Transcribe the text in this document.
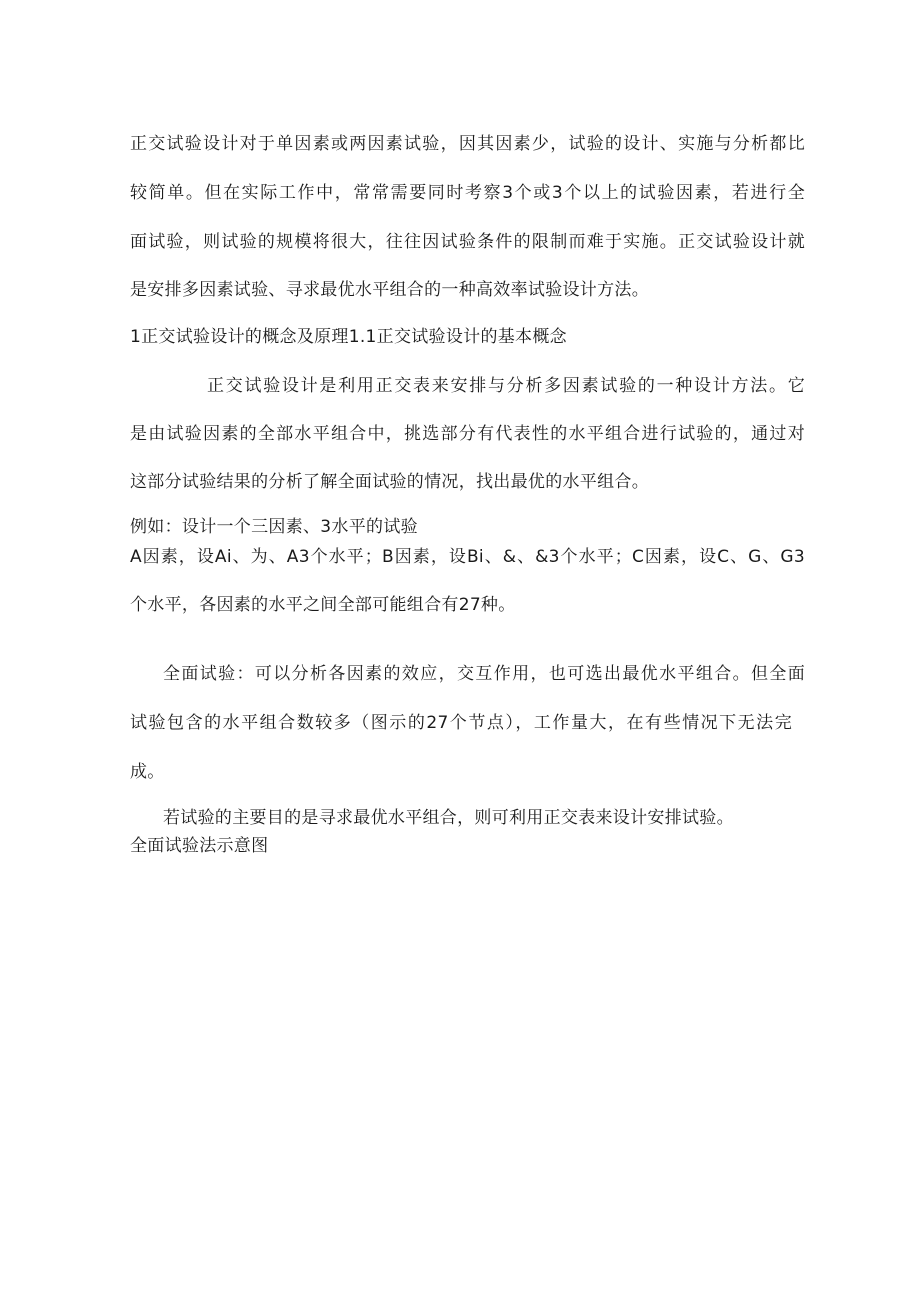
正交试验设计对于单因素或两因素试验，因其因素少，试验的设计、实施与分析都比
较简单。但在实际工作中，常常需要同时考察3个或3个以上的试验因素，若进行全
面试验，则试验的规模将很大，往往因试验条件的限制而难于实施。正交试验设计就
是安排多因素试验、寻求最优水平组合的一种高效率试验设计方法。
1正交试验设计的概念及原理1.1正交试验设计的基本概念
正交试验设计是利用正交表来安排与分析多因素试验的一种设计方法。它
是由试验因素的全部水平组合中，挑选部分有代表性的水平组合进行试验的，通过对
这部分试验结果的分析了解全面试验的情况，找出最优的水平组合。
例如：设计一个三因素、3水平的试验
A因素，设Ai、为、A3个水平；B因素，设Bi、&、&3个水平；C因素，设C、G、G3
个水平，各因素的水平之间全部可能组合有27种。
全面试验：可以分析各因素的效应，交互作用，也可选出最优水平组合。但全面
试验包含的水平组合数较多（图示的27个节点），工作量大，在有些情况下无法完
成。
若试验的主要目的是寻求最优水平组合，则可利用正交表来设计安排试验。
全面试验法示意图
